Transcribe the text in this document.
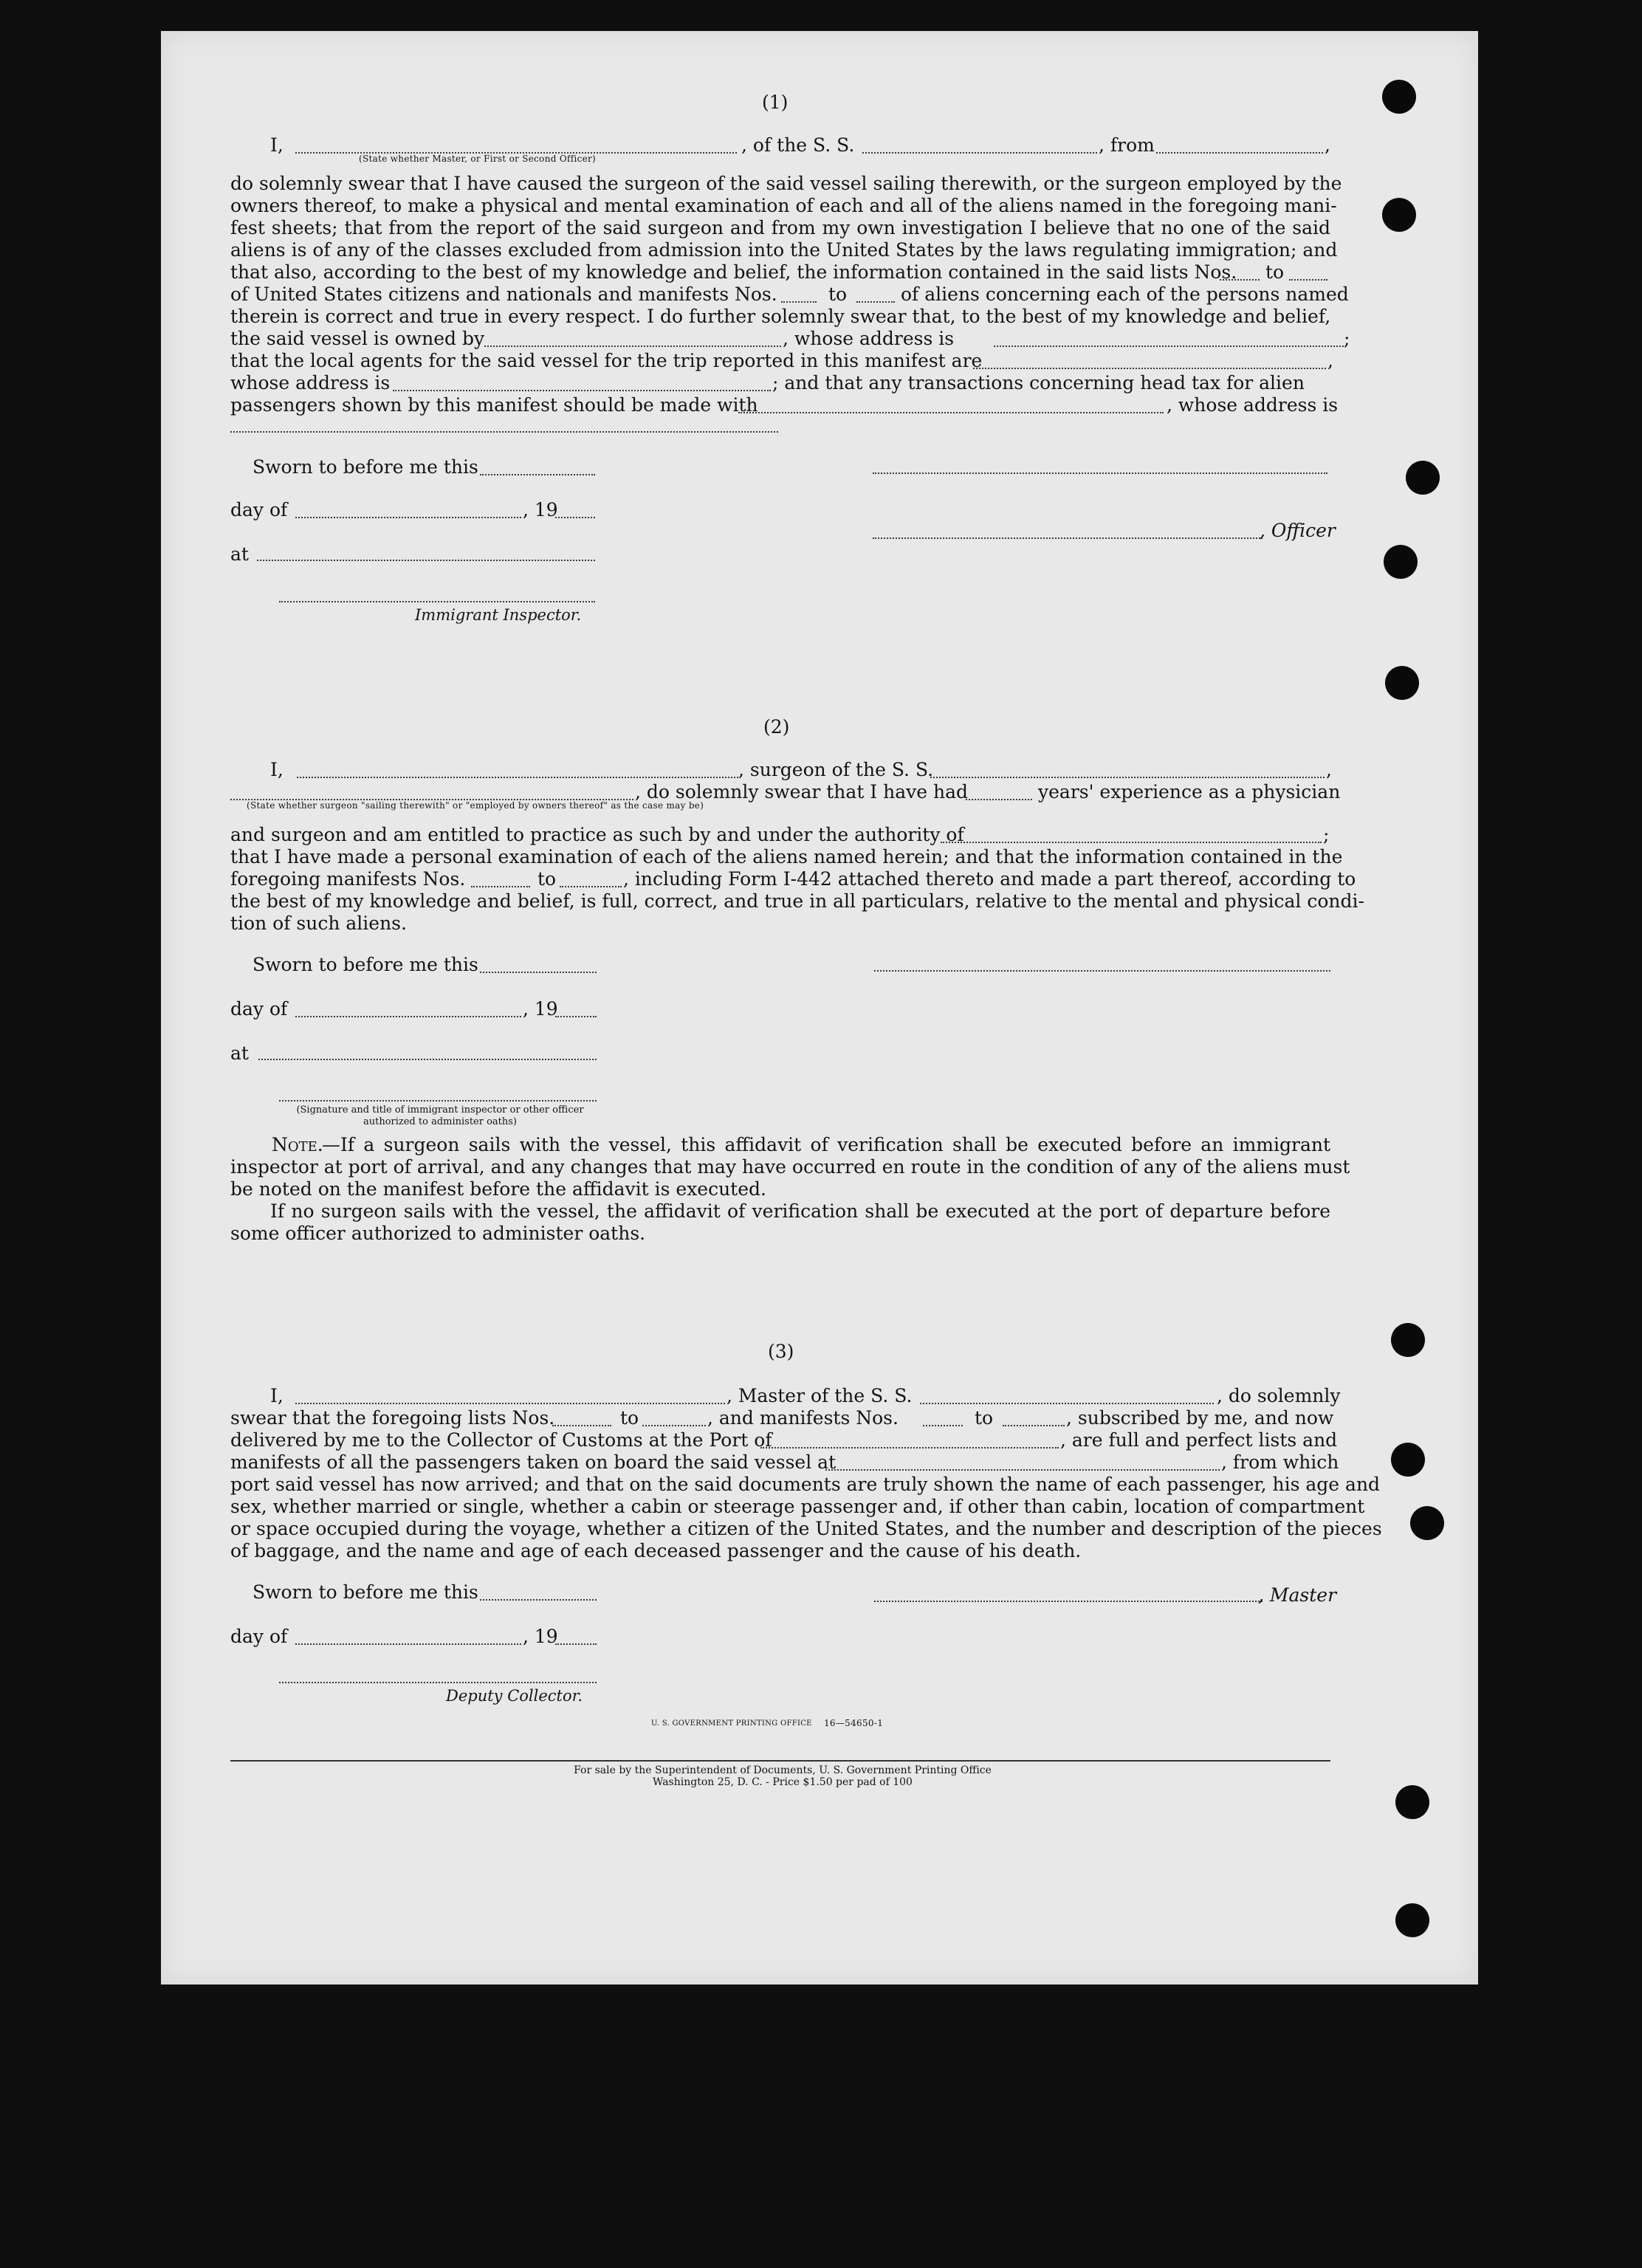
(1)
I,
(State whether Master, or First or Second Officer)
, of the S. S.	, from	,
do solemnly swear that I have caused the surgeon of the said vessel sailing therewith, or the surgeon employed by the
owners thereof, to make a physical and mental examination of each and all of the aliens named in the foregoing mani-
fest sheets; that from the report of the said surgeon and from my own investigation I believe that no one of the said
aliens is of any of the classes excluded from admission into the United States by the laws regulating immigration; and
that also, according to the best of my knowledge and belief, the information contained in the said lists Nos. to
of United States citizens and nationals and manifests Nos.	to	of aliens concerning each of the persons named
therein is correct and true in every respect. I do further solemnly swear that, to the best of my knowledge and belief,
the said vessel is owned by	, whose address is	;
that the local agents for the said vessel for the trip reported in this manifest are	,
whose address is	; and that any transactions concerning head tax for alien
passengers shown by this manifest should be made with	, whose address is
Sworn to before me this
day of	, 19
, Officer
at
Immigrant Inspector.
(2)
I,	, surgeon of the S. S.	,
(State whether surgeon "sailing therewith" or "employed by owners thereof" as the case may be)
, do solemnly swear that I have had	years' experience as a physician
and surgeon and am entitled to practice as such by and under the authority of	;
that I have made a personal examination of each of the aliens named herein; and that the information contained in the
foregoing manifests Nos.	to	, including Form I-442 attached thereto and made a part thereof, according to
the best of my knowledge and belief, is full, correct, and true in all particulars, relative to the mental and physical condi-
tion of such aliens.
Sworn to before me this
day of	, 19
at
(Signature and title of immigrant inspector or other officer authorized to administer oaths)
Note.
—If a surgeon sails with the vessel, this affidavit of verification shall be executed before an immigrant
inspector at port of arrival, and any changes that may have occurred en route in the condition of any of the aliens must
be noted on the manifest before the affidavit is executed.
If no surgeon sails with the vessel, the affidavit of verification shall be executed at the port of departure before
some officer authorized to administer oaths.
(3)
I,	, Master of the S. S.	, do solemnly
swear that the foregoing lists Nos.	to	, and manifests Nos.	to	, subscribed by me, and now
delivered by me to the Collector of Customs at the Port of	, are full and perfect lists and
manifests of all the passengers taken on board the said vessel at	, from which
port said vessel has now arrived; and that on the said documents are truly shown the name of each passenger, his age and
sex, whether married or single, whether a cabin or steerage passenger and, if other than cabin, location of compartment
or space occupied during the voyage, whether a citizen of the United States, and the number and description of the pieces
of baggage, and the name and age of each deceased passenger and the cause of his death.
Sworn to before me this	, Master
day of	, 19
Deputy Collector.
U. S. GOVERNMENT PRINTING OFFICE 16—54650-1
For sale by the Superintendent of Documents, U. S. Government Printing Office
Washington 25, D. C. - Price $1.50 per pad of 100
